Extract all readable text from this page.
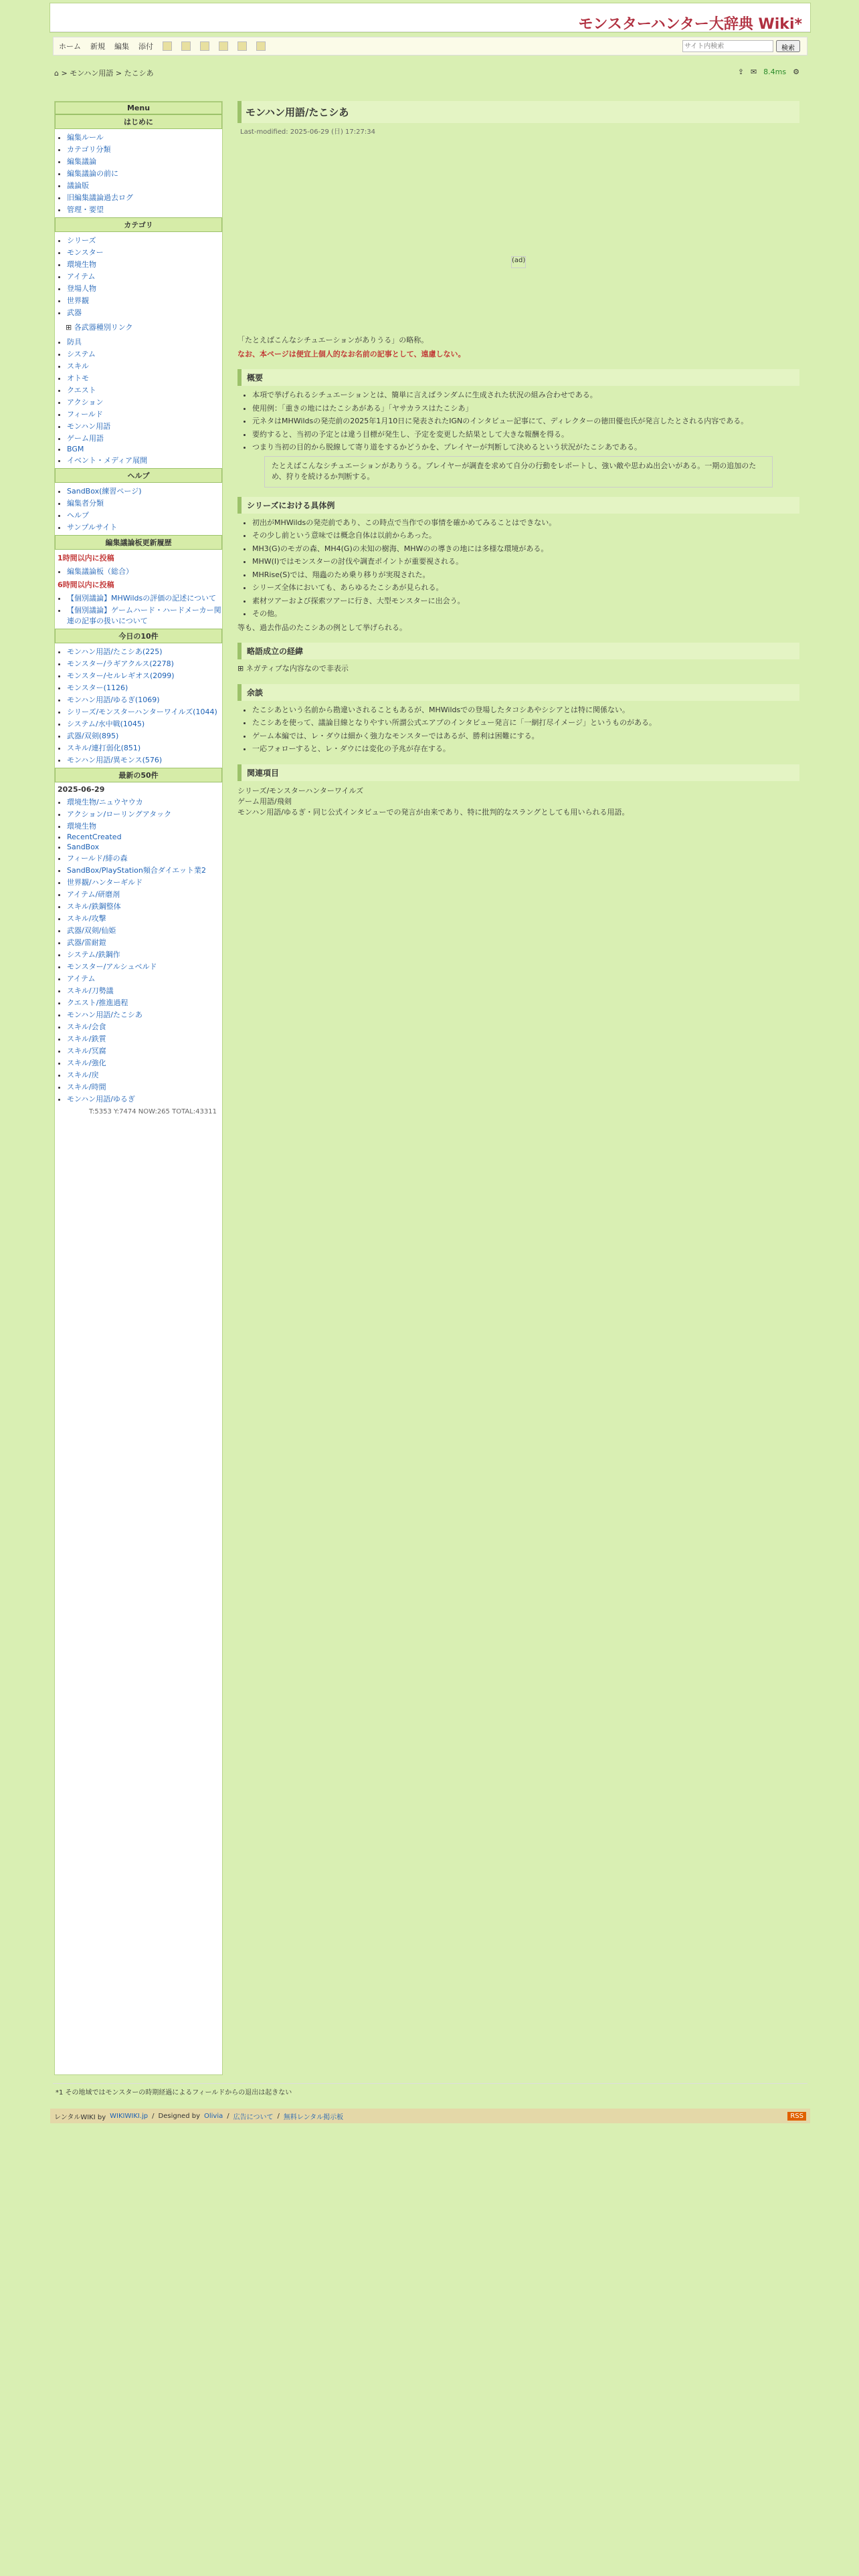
モンスターハンター大辞典 Wiki*
ホーム 新規 編集 添付
サイト内検索	検索
⌂ > モンハン用語 > たこシあ	⇪ ✉ 8.4ms ⚙
Menu
はじめに
• 編集ルール
• カテゴリ分類
• 編集議論
• 編集議論の前に
• 議論版
• 旧編集議論過去ログ
• 管理・要望
カテゴリ
• シリーズ
• モンスター
• 環境生物
• アイテム
• 登場人物
• 世界観
• 武器
⊞ 各武器種別リンク
• 防具
• システム
• スキル
• オトモ
• クエスト
• アクション
• フィールド
• モンハン用語
• ゲーム用語
• BGM
• イベント・メディア展開
ヘルプ
• SandBox(練習ページ)
• 編集者分類
• ヘルプ
• サンプルサイト
編集議論板更新履歴
1時間以内に投稿
• 編集議論板（総合）
6時間以内に投稿
• 【個別議論】MHWildsの評価の記述について
• 【個別議論】ゲームハード・ハードメーカー関連の記事の扱いについて
今日の10件
• モンハン用語/たこシあ(225)
• モンスター/ラギアクルス(2278)
• モンスター/セルレギオス(2099)
• モンスター(1126)
• モンハン用語/ゆるぎ(1069)
• シリーズ/モンスターハンターワイルズ(1044)
• システム/水中戦(1045)
• 武器/双剣(895)
• スキル/連打弱化(851)
• モンハン用語/異モンス(576)
最新の50件
2025-06-29
• 環境生物/ニュウヤウカ
• アクション/ローリングアタック
• 環境生物
• RecentCreated
• SandBox
• フィールド/緋の森
• SandBox/PlayStation頻合ダイエット業2
• 世界観/ハンターギルド
• アイテム/研磨剤
• スキル/鉄鋼整体
• スキル/攻撃
• 武器/双剣/仙姫
• 武器/雷耐鎧
• システム/鉄鋼作
• モンスター/アルシュベルド
• アイテム
• スキル/刀勢議
• クエスト/推進過程
• モンハン用語/たこシあ
• スキル/会食
• スキル/鉄質
• スキル/冥腐
• スキル/強化
• スキル/戻
• スキル/時間
• モンハン用語/ゆるぎ
T:5353 Y:7474 NOW:265 TOTAL:43311
モンハン用語/たこシあ
Last-modified: 2025-06-29 (日) 17:27:34
(ad)

「たとえばこんなシチュエーションがありうる」の略称。

なお、本ページは便宜上個人的なお名前の記事として、遠慮しない。

概要
• 本項で挙げられるシチュエーションとは、簡単に言えばランダムに生成された状況の組み合わせである。
• 使用例：「重きの地にはたこシあがある」「ヤサカラスはたこシあ」
• 元ネタはMHWildsの発売前の2025年1月10日に発表されたIGNのインタビュー記事にて、ディレクターの徳田優也氏が発言したとされる内容である。
• 要約すると、当初の予定とは違う目標が発生し、予定を変更した結果として大きな報酬を得る。
• つまり当初の目的から脱線して寄り道をするかどうかを、プレイヤーが判断して決めるという状況がたこシあである。
たとえばこんなシチュエーションがありうる。プレイヤーが調査を求めて自分の行動をレポートし、強い敵や思わぬ出会いがある。一期の追加のため、狩りを続けるか判断する。
シリーズにおける具体例
• 初出がMHWildsの発売前であり、この時点で当作での事情を確かめてみることはできない。
• その少し前という意味では概念自体は以前からあった。
• MH3(G)のモガの森、MH4(G)の未知の樹海、MHWのの導きの地には多様な環境がある。
• MHW(I)ではモンスターの討伐や調査ポイントが重要視される。
• MHRise(S)では、翔蟲のため乗り移りが実現された。
• シリーズ全体においても、あらゆるたこシあが見られる。
• 素材ツアーおよび探索ツアーに行き、大型モンスターに出会う。
• その他。

等も、過去作品のたこシあの例として挙げられる。

略語成立の経緯

⊞ ネガティブな内容なので非表示

余談
• たこシあという名前から勘違いされることもあるが、MHWildsでの登場したタコシあやシシアとは特に関係ない。
• たこシあを使って、議論目線となりやすい所謂公式エアプのインタビュー発言に「一網打尽イメージ」というものがある。
• ゲーム本編では、レ・ダウは細かく強力なモンスターではあるが、勝利は困難にする。
• 一応フォローすると、レ・ダウには変化の予兆が存在する。
関連項目
シリーズ/モンスターハンターワイルズ
ゲーム用語/飛剣
モンハン用語/ゆるぎ・同じ公式インタビューでの発言が由来であり、特に批判的なスラングとしても用いられる用語。
*1 その地域ではモンスターの時期経過によるフィールドからの退出は起きない
レンタルWIKI by WIKIWIKI.jp / Designed by Olivia / 広告について / 無料レンタル掲示板	RSS
